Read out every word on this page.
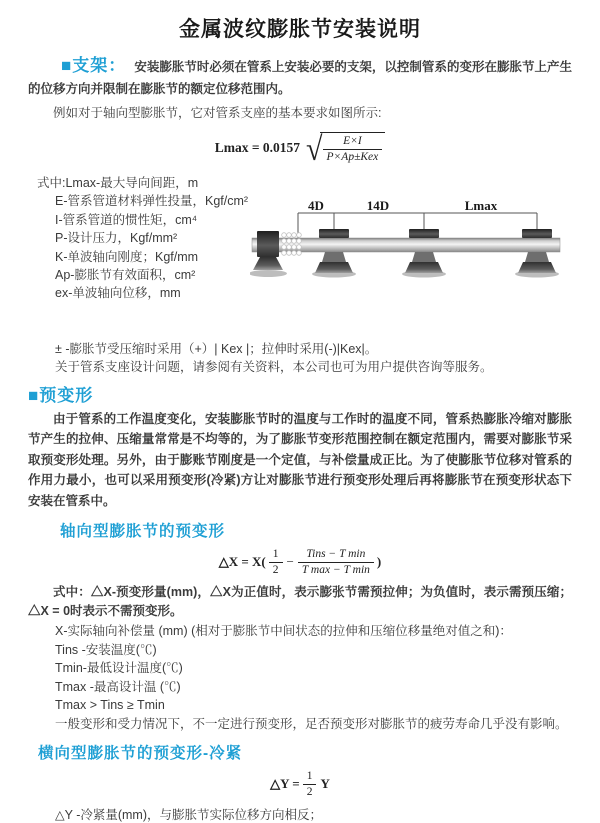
金属波纹膨胀节安装说明

■支架： 安装膨胀节时必须在管系上安装必要的支架，以控制管系的变形在膨胀节上产生的位移方向并限制在膨胀节的额定位移范围内。

例如对于轴向型膨胀节，它对管系支座的基本要求如图所示:

Lmax = 0.0157 √ $\frac{E\times I}{\text{P×Ap±Kex}}$
式中:Lmax-最大导向间距，m
E-管系管道材料弹性投量，Kgf/cm²
I-管系管道的惯性矩，cm⁴
P-设计压力，Kgf/mm²
K-单波轴向刚度；Kgf/mm
Ap-膨胀节有效面积，cm²
ex-单波轴向位移，mm
4D	14D	Lmax
± -膨胀节受压缩时采用（+）| Kex |；拉伸时采用(-)|Kex|。
关于管系支座设计问题，请参阅有关资料，本公司也可为用户提供咨询等服务。
■预变形

由于管系的工作温度变化，安装膨胀节时的温度与工作时的温度不同，管系热膨胀冷缩对膨胀节产生的拉伸、压缩量常常是不均等的，为了膨胀节变形范围控制在额定范围内，需要对膨胀节采取预变形处理。另外，由于膨账节刚度是一个定值，与补偿量成正比。为了使膨胀节位移对管系的作用力最小，也可以采用预变形(冷紧)方让对膨胀节进行预变形处理后再将膨胀节在预变形状态下安装在管系中。

轴向型膨胀节的预变形
△X = $X( \frac{1}{2} - \frac{\text{Tins − T min}}{\text{T max − T min}}$ )

式中：△X-预变形量(mm)，△X为正值时，表示膨张节需预拉伸；为负值时，表示需预压缩；△X = 0时表示不需预变形。

X-实际轴向补偿量 (mm) (相对于膨胀节中间状态的拉伸和压缩位移量绝对值之和)：
Tins -安装温度(℃)
Tmin-最低设计温度(℃)
Tmax -最高设计温 (℃)
Tmax > Tins ≥ Tmin
一般变形和受力情况下，不一定进行预变形，足否预变形对膨胀节的疲劳寿命几乎没有影响。
横向型膨胀节的预变形-冷紧
△Y = $\frac{1}{2}$ Y
△Y -冷紧量(mm)，与膨胀节实际位移方向相反；
